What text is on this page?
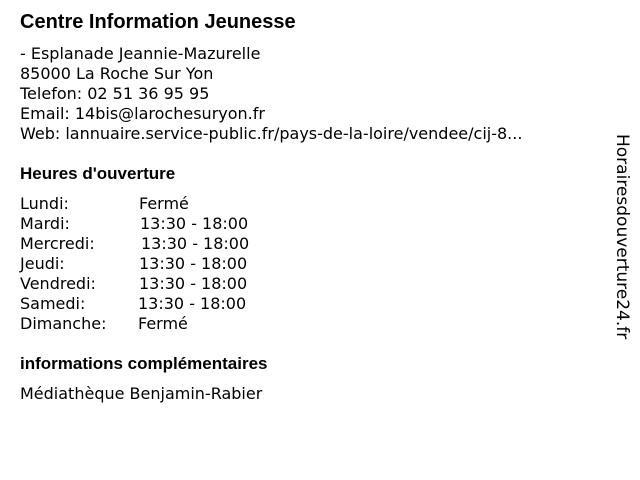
Centre Information Jeunesse
- Esplanade Jeannie-Mazurelle
85000 La Roche Sur Yon
Telefon: 02 51 36 95 95
Email: 14bis@larochesuryon.fr
Web: lannuaire.service-public.fr/pays-de-la-loire/vendee/cij-8...
Heures d'ouverture
Lundi:	Fermé
Mardi:	13:30 - 18:00
Mercredi:	13:30 - 18:00
Jeudi:	13:30 - 18:00
Vendredi:	13:30 - 18:00
Samedi:	13:30 - 18:00
Dimanche: Fermé
informations complémentaires
Médiathèque Benjamin-Rabier
Horairesdouverture24.fr
